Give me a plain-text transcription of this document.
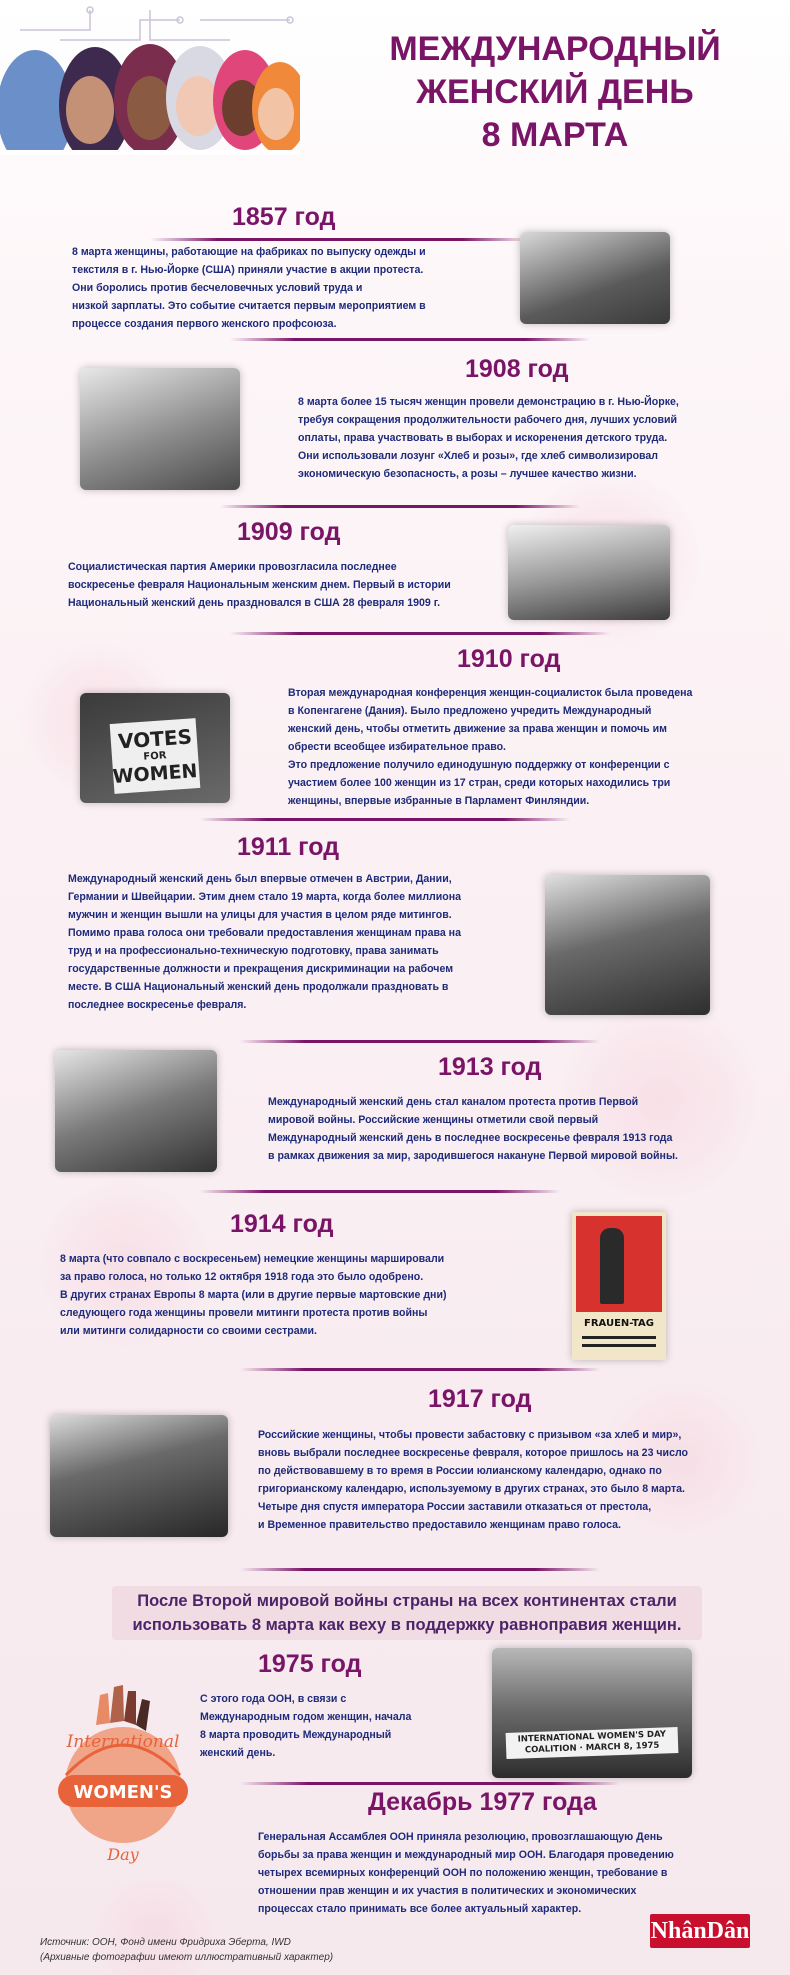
МЕЖДУНАРОДНЫЙ
ЖЕНСКИЙ ДЕНЬ
8 МАРТА
1857 год

8 марта женщины, работающие на фабриках по выпуску одежды и

текстиля в г. Нью-Йорке (США) приняли участие в акции протеста.

Они боролись против бесчеловечных условий труда и

низкой зарплаты. Это событие считается первым мероприятием в

процессе создания первого женского профсоюза.

1908 год

8 марта более 15 тысяч женщин провели демонстрацию в г. Нью-Йорке,

требуя сокращения продолжительности рабочего дня, лучших условий

оплаты, права участвовать в выборах и искоренения детского труда.

Они использовали лозунг «Хлеб и розы», где хлеб символизировал

экономическую безопасность, а розы – лучшее качество жизни.

1909 год

Социалистическая партия Америки провозгласила последнее

воскресенье февраля Национальным женским днем. Первый в истории

Национальный женский день праздновался в США 28 февраля 1909 г.

1910 год
VOTES
FOR
WOMEN

Вторая международная конференция женщин-социалисток была проведена

в Копенгагене (Дания). Было предложено учредить Международный

женский день, чтобы отметить движение за права женщин и помочь им

обрести всеобщее избирательное право.

Это предложение получило единодушную поддержку от конференции с

участием более 100 женщин из 17 стран, среди которых находились три

женщины, впервые избранные в Парламент Финляндии.

1911 год

Международный женский день был впервые отмечен в Австрии, Дании,

Германии и Швейцарии. Этим днем стало 19 марта, когда более миллиона

мужчин и женщин вышли на улицы для участия в целом ряде митингов.

Помимо права голоса они требовали предоставления женщинам права на

труд и на профессионально-техническую подготовку, права занимать

государственные должности и прекращения дискриминации на рабочем

месте. В США Национальный женский день продолжали праздновать в

последнее воскресенье февраля.

1913 год

Международный женский день стал каналом протеста против Первой

мировой войны. Российские женщины отметили свой первый

Международный женский день в последнее воскресенье февраля 1913 года

в рамках движения за мир, зародившегося накануне Первой мировой войны.

1914 год

8 марта (что совпало с воскресеньем) немецкие женщины маршировали

за право голоса, но только 12 октября 1918 года это было одобрено.

В других странах Европы 8 марта (или в другие первые мартовские дни)

следующего года женщины провели митинги протеста против войны

или митинги солидарности со своими сестрами.

FRAUEN-TAG
1917 год

Российские женщины, чтобы провести забастовку с призывом «за хлеб и мир»,

вновь выбрали последнее воскресенье февраля, которое пришлось на 23 число

по действовавшему в то время в России юлианскому календарю, однако по

григорианскому календарю, используемому в других странах, это было 8 марта.

Четыре дня спустя императора России заставили отказаться от престола,

и Временное правительство предоставило женщинам право голоса.

После Второй мировой войны страны на всех континентах стали
использовать 8 марта как веху в поддержку равноправия женщин.
1975 год

С этого года ООН, в связи с

Международным годом женщин, начала

8 марта проводить Международный

женский день.

INTERNATIONAL WOMEN'S DAY COALITION · MARCH 8, 1975
International
WOMEN'S
Day
Декабрь 1977 года

Генеральная Ассамблея ООН приняла резолюцию, провозглашающую День

борьбы за права женщин и международный мир ООН. Благодаря проведению

четырех всемирных конференций ООН по положению женщин, требование в

отношении прав женщин и их участия в политических и экономических

процессах стало принимать все более актуальный характер.

Источник: ООН, Фонд имени Фридриха Эберта, IWD
(Архивные фотографии имеют иллюстративный характер)
NhânDân
